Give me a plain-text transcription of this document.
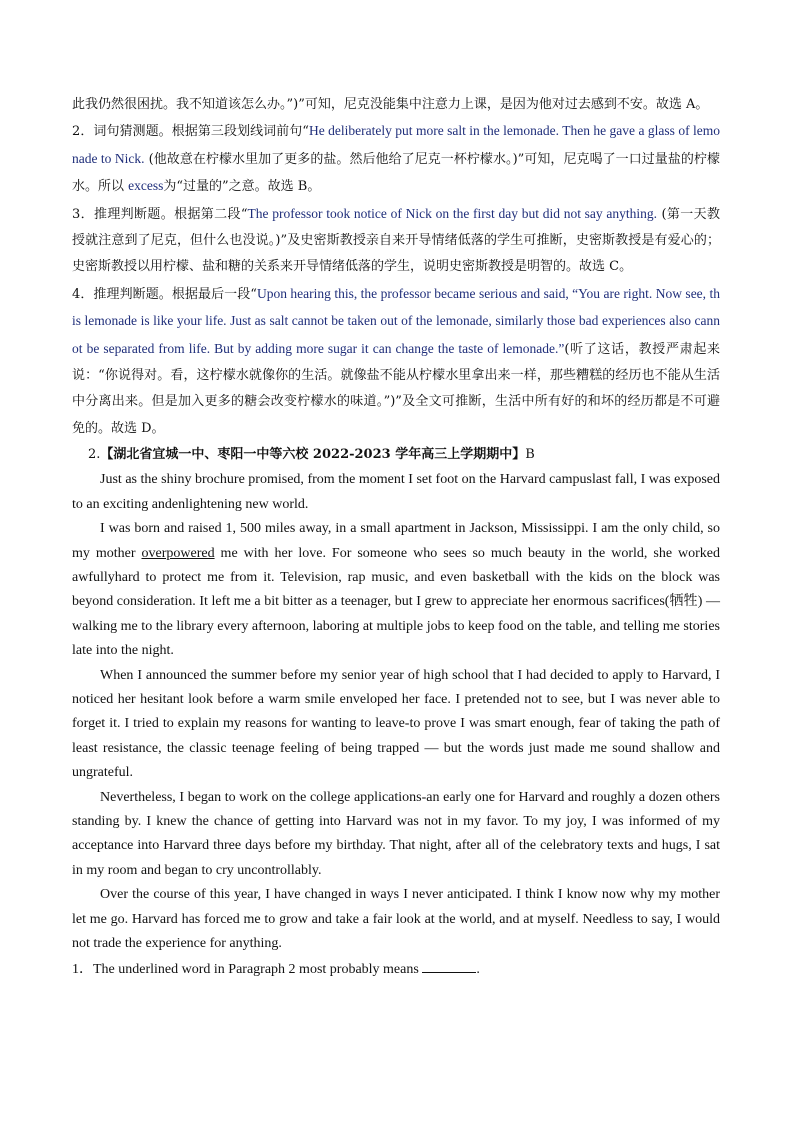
此我仍然很困扰。我不知道该怎么办。”)”可知，尼克没能集中注意力上课，是因为他对过去感到不安。故选 A。

2．词句猜测题。根据第三段划线词前句“He deliberately put more salt in the lemonade. Then he gave a glass of lemonade to Nick. (他故意在柠檬水里加了更多的盐。然后他给了尼克一杯柠檬水。)”可知，尼克喝了一口过量盐的柠檬水。所以 excess为“过量的”之意。故选 B。

3．推理判断题。根据第二段“The professor took notice of Nick on the first day but did not say anything. (第一天教授就注意到了尼克，但什么也没说。)”及史密斯教授亲自来开导情绪低落的学生可推断，史密斯教授是有爱心的；史密斯教授以用柠檬、盐和糖的关系来开导情绪低落的学生，说明史密斯教授是明智的。故选 C。

4．推理判断题。根据最后一段“Upon hearing this, the professor became serious and said, “You are right. Now see, this lemonade is like your life. Just as salt cannot be taken out of the lemonade, similarly those bad experiences also cannot be separated from life. But by adding more sugar it can change the taste of lemonade.”(听了这话，教授严肃起来说：“你说得对。看，这柠檬水就像你的生活。就像盐不能从柠檬水里拿出来一样，那些糟糕的经历也不能从生活中分离出来。但是加入更多的糖会改变柠檬水的味道。”)”及全文可推断，生活中所有好的和坏的经历都是不可避免的。故选 D。

2.【湖北省宜城一中、枣阳一中等六校 2022-2023 学年高三上学期期中】B

Just as the shiny brochure promised, from the moment I set foot on the Harvard campuslast fall, I was exposed to an exciting andenlightening new world.

I was born and raised 1, 500 miles away, in a small apartment in Jackson, Mississippi. I am the only child, so my mother overpowered me with her love. For someone who sees so much beauty in the world, she worked awfullyhard to protect me from it. Television, rap music, and even basketball with the kids on the block was beyond consideration. It left me a bit bitter as a teenager, but I grew to appreciate her enormous sacrifices(牺牲) — walking me to the library every afternoon, laboring at multiple jobs to keep food on the table, and telling me stories late into the night.

When I announced the summer before my senior year of high school that I had decided to apply to Harvard, I noticed her hesitant look before a warm smile enveloped her face. I pretended not to see, but I was never able to forget it. I tried to explain my reasons for wanting to leave-to prove I was smart enough, fear of taking the path of least resistance, the classic teenage feeling of being trapped — but the words just made me sound shallow and ungrateful.

Nevertheless, I began to work on the college applications-an early one for Harvard and roughly a dozen others standing by. I knew the chance of getting into Harvard was not in my favor. To my joy, I was informed of my acceptance into Harvard three days before my birthday. That night, after all of the celebratory texts and hugs, I sat in my room and began to cry uncontrollably.

Over the course of this year, I have changed in ways I never anticipated. I think I know now why my mother let me go. Harvard has forced me to grow and take a fair look at the world, and at myself. Needless to say, I would not trade the experience for anything.

1．The underlined word in Paragraph 2 most probably means	.
